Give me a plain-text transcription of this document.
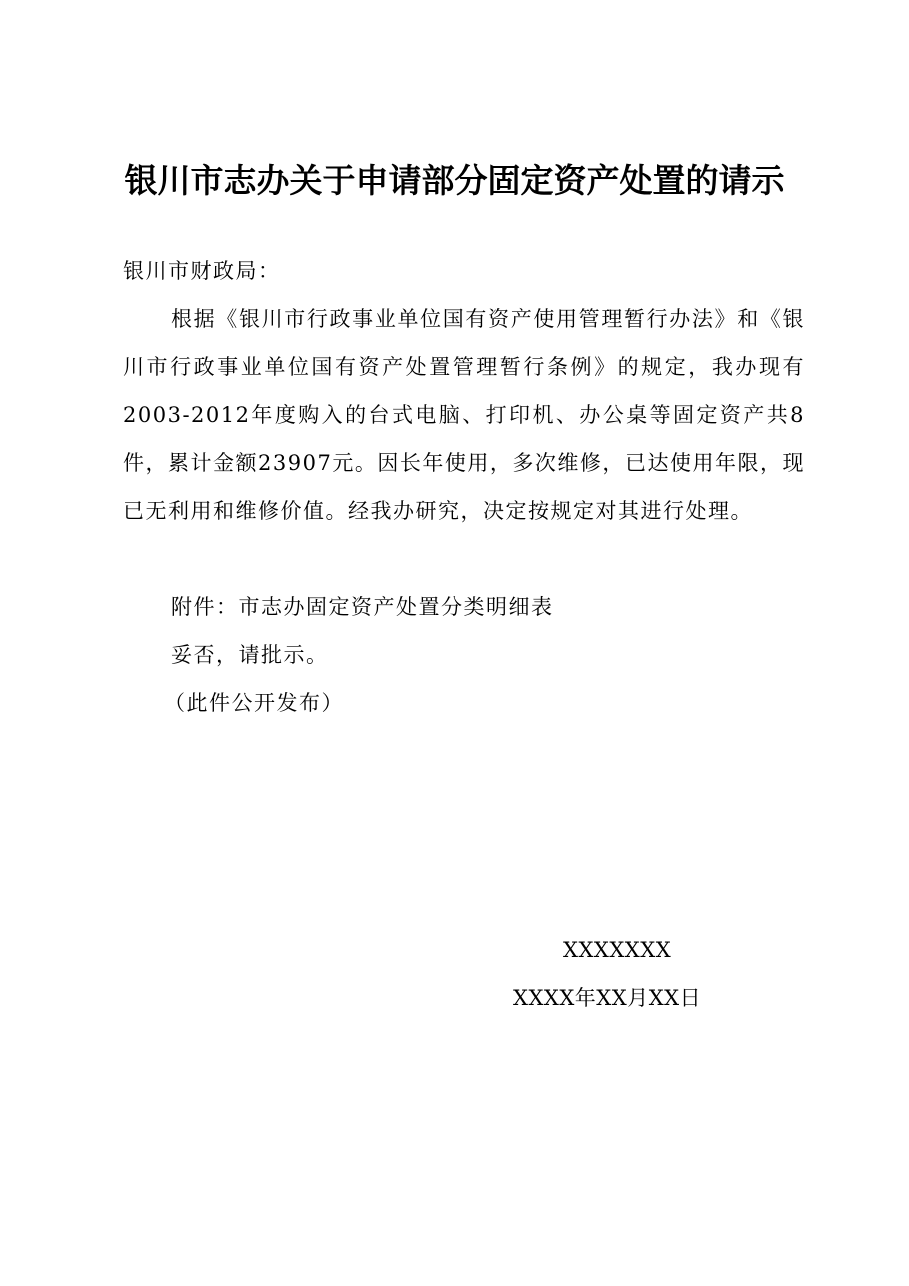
银川市志办关于申请部分固定资产处置的请示
银川市财政局：
根据《银川市行政事业单位国有资产使用管理暂行办法》和《银川市行政事业单位国有资产处置管理暂行条例》的规定，我办现有2003-2012年度购入的台式电脑、打印机、办公桌等固定资产共8件，累计金额23907元。因长年使用，多次维修，已达使用年限，现已无利用和维修价值。经我办研究，决定按规定对其进行处理。
附件：市志办固定资产处置分类明细表
妥否，请批示。
（此件公开发布）
XXXXXXX
XXXX年XX月XX日
